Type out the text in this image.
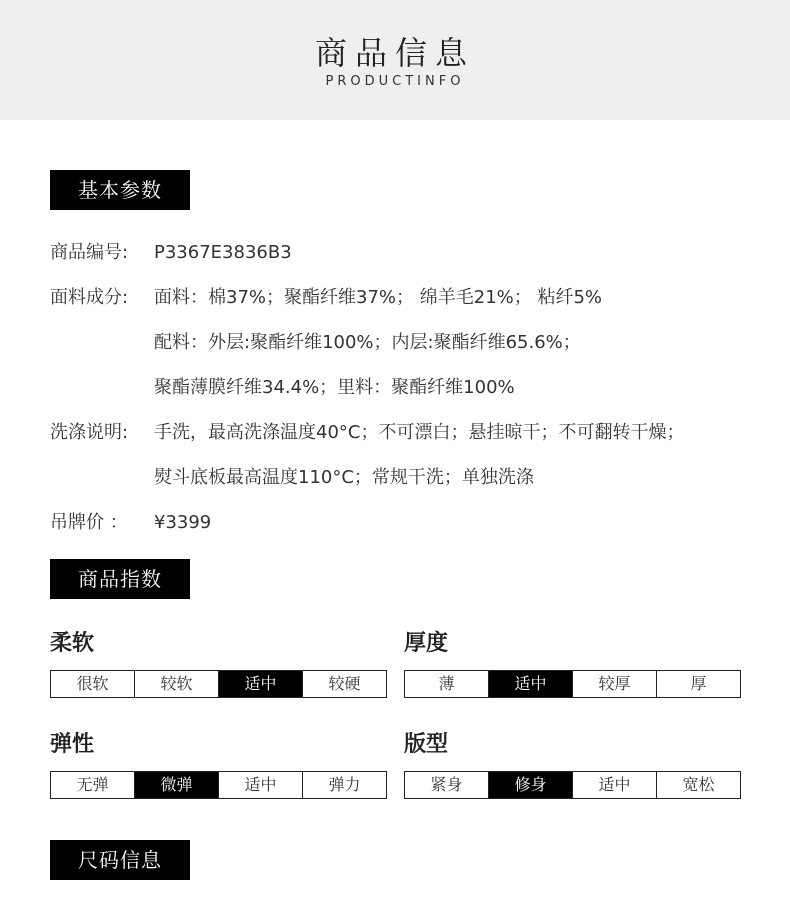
商品信息
PRODUCTINFO
基本参数
商品编号: P3367E3836B3
面料成分: 面料：棉37%；聚酯纤维37%； 绵羊毛21%； 粘纤5%
配料：外层:聚酯纤维100%；内层:聚酯纤维65.6%；
聚酯薄膜纤维34.4%；里料：聚酯纤维100%
洗涤说明: 手洗，最高洗涤温度40°C；不可漂白；悬挂晾干；不可翻转干燥；
熨斗底板最高温度110°C；常规干洗；单独洗涤
吊牌价 ： ¥3399
商品指数
柔软
很软	较软	适中	较硬
厚度
薄	适中	较厚	厚
弹性
无弹	微弹	适中	弹力
版型
紧身	修身	适中	宽松
尺码信息
